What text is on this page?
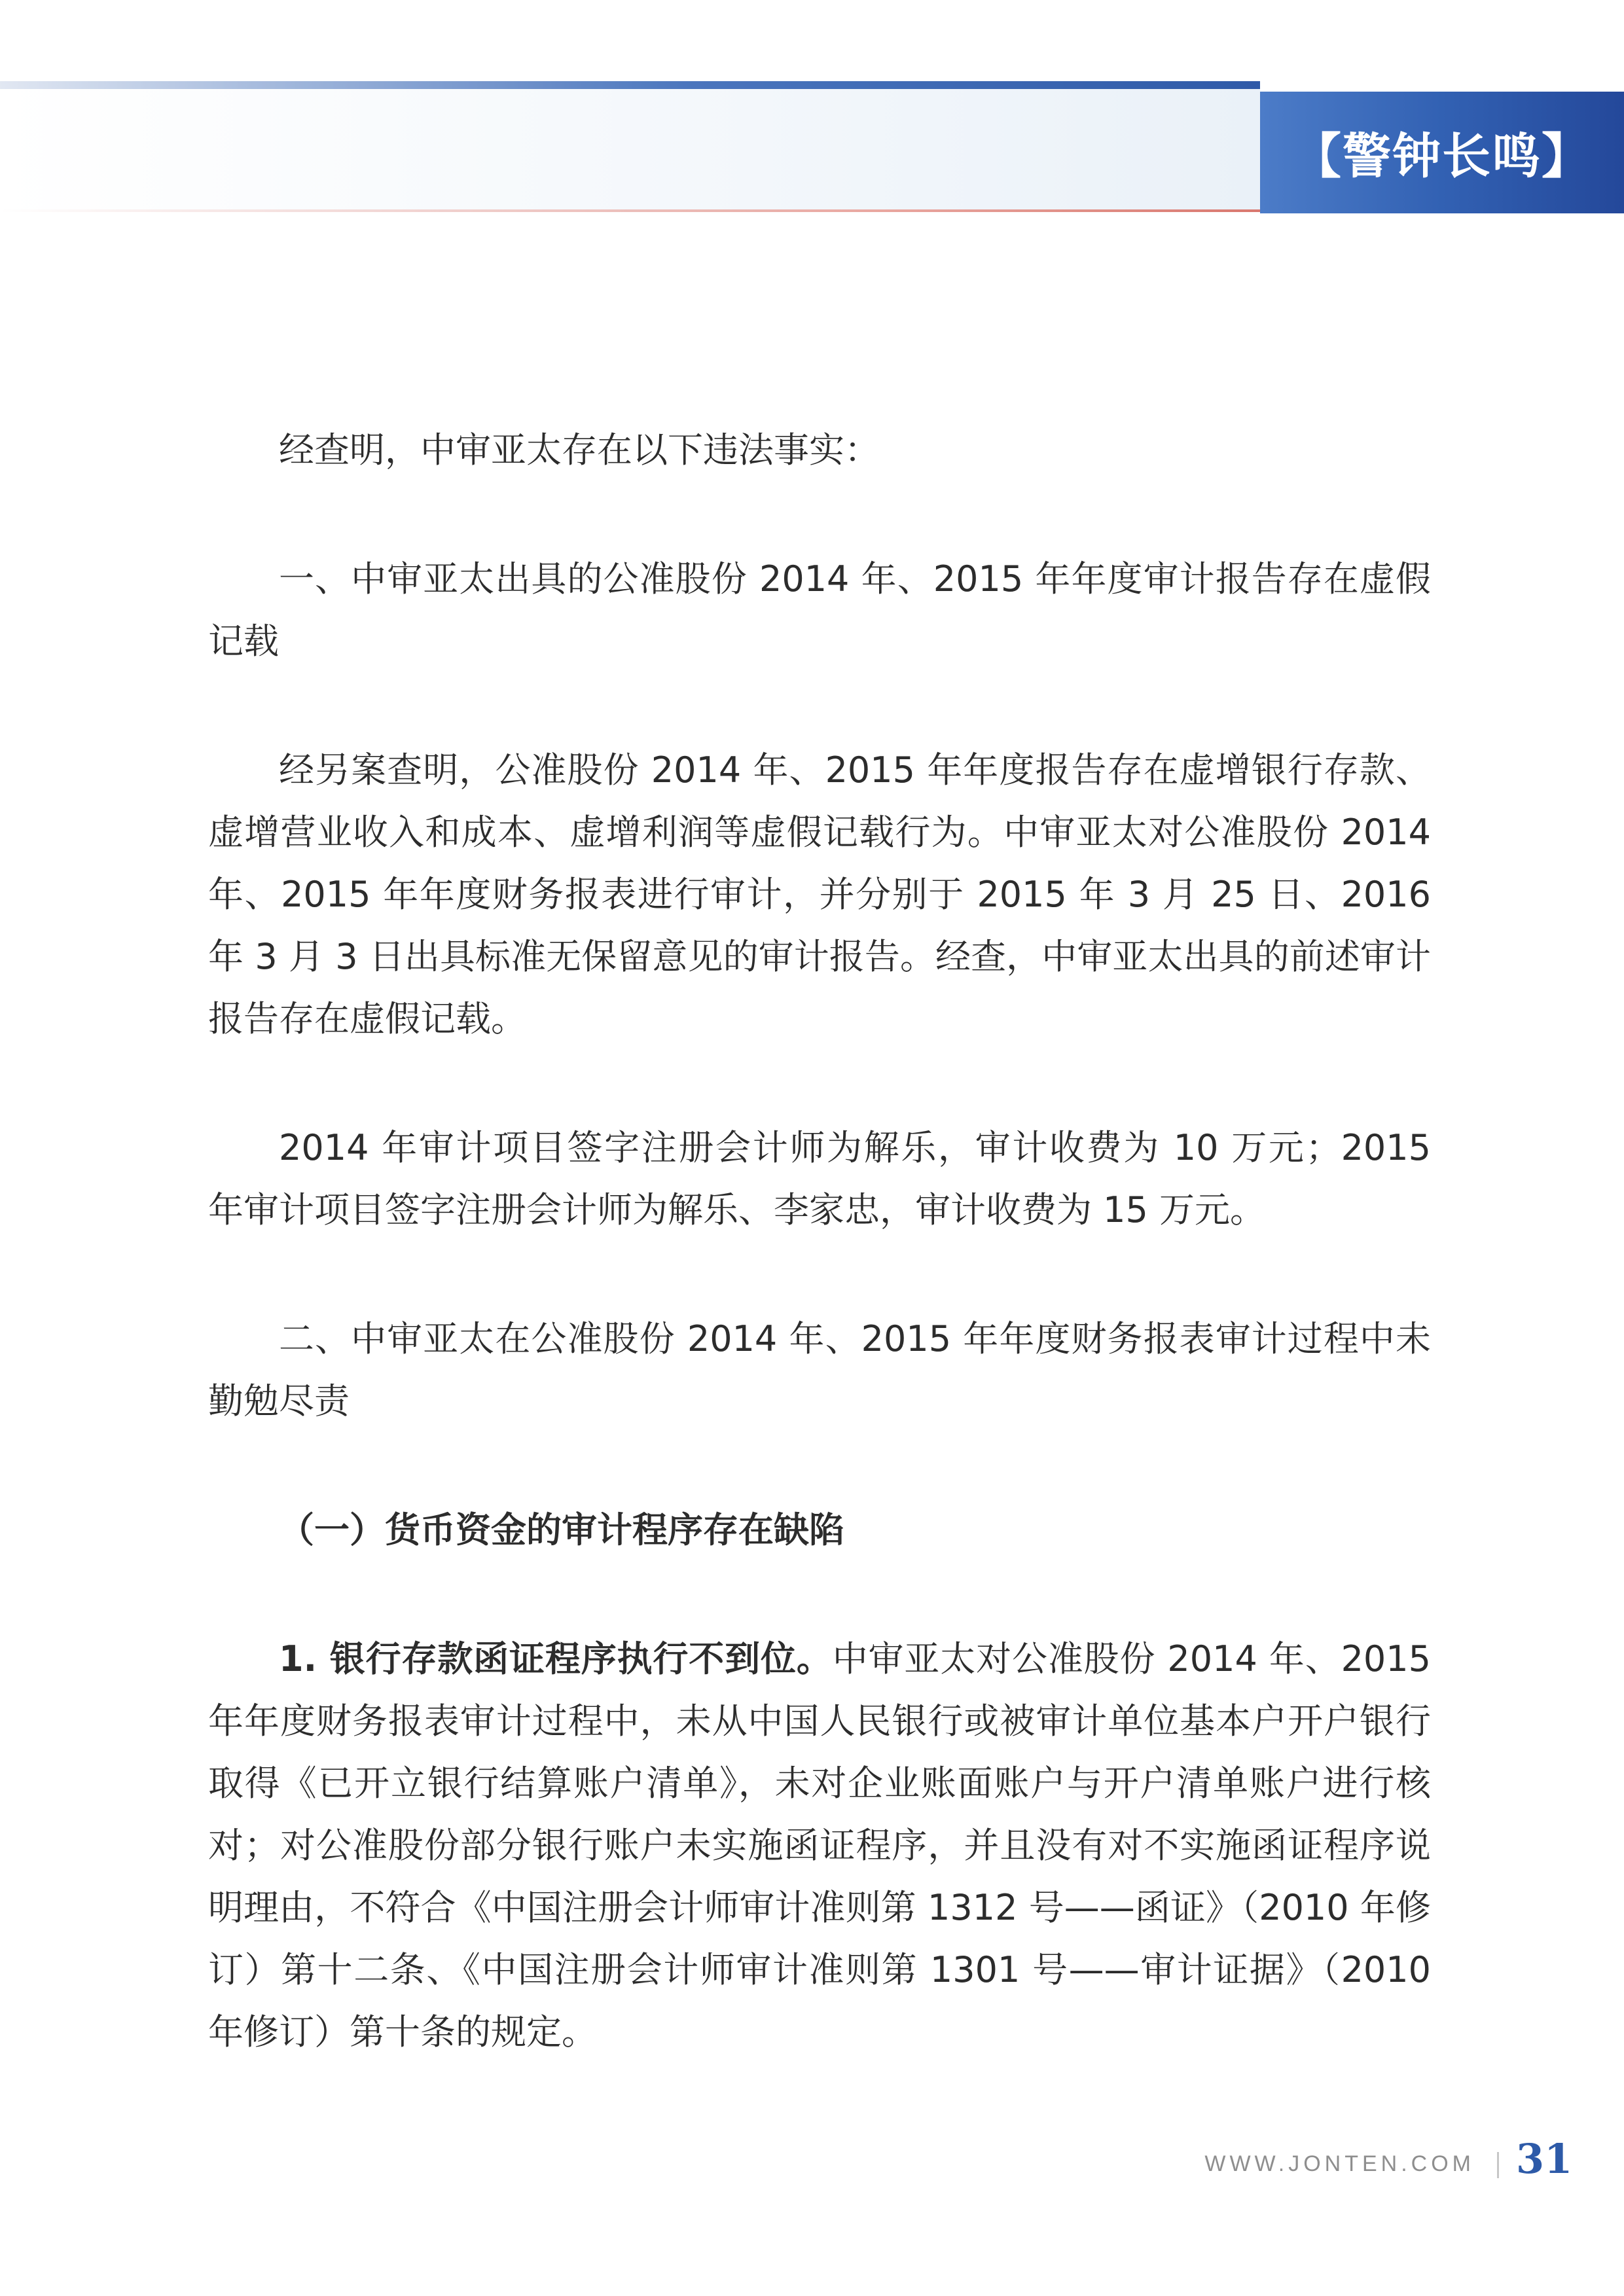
【警钟长鸣】

经查明，中审亚太存在以下违法事实：

一、中审亚太出具的公准股份 2014 年、2015 年年度审计报告存在虚假记载

经另案查明，公准股份 2014 年、2015 年年度报告存在虚增银行存款、虚增营业收入和成本、虚增利润等虚假记载行为。中审亚太对公准股份 2014 年、2015 年年度财务报表进行审计，并分别于 2015 年 3 月 25 日、2016 年 3 月 3 日出具标准无保留意见的审计报告。经查，中审亚太出具的前述审计报告存在虚假记载。

2014 年审计项目签字注册会计师为解乐，审计收费为 10 万元；2015 年审计项目签字注册会计师为解乐、李家忠，审计收费为 15 万元。

二、中审亚太在公准股份 2014 年、2015 年年度财务报表审计过程中未勤勉尽责

（一）货币资金的审计程序存在缺陷

1. 银行存款函证程序执行不到位。中审亚太对公准股份 2014 年、2015 年年度财务报表审计过程中，未从中国人民银行或被审计单位基本户开户银行取得《已开立银行结算账户清单》，未对企业账面账户与开户清单账户进行核对；对公准股份部分银行账户未实施函证程序，并且没有对不实施函证程序说明理由，不符合《中国注册会计师审计准则第 1312 号——函证》（2010 年修订）第十二条、《中国注册会计师审计准则第 1301 号——审计证据》（2010 年修订）第十条的规定。

WWW.JONTEN.COM 31
